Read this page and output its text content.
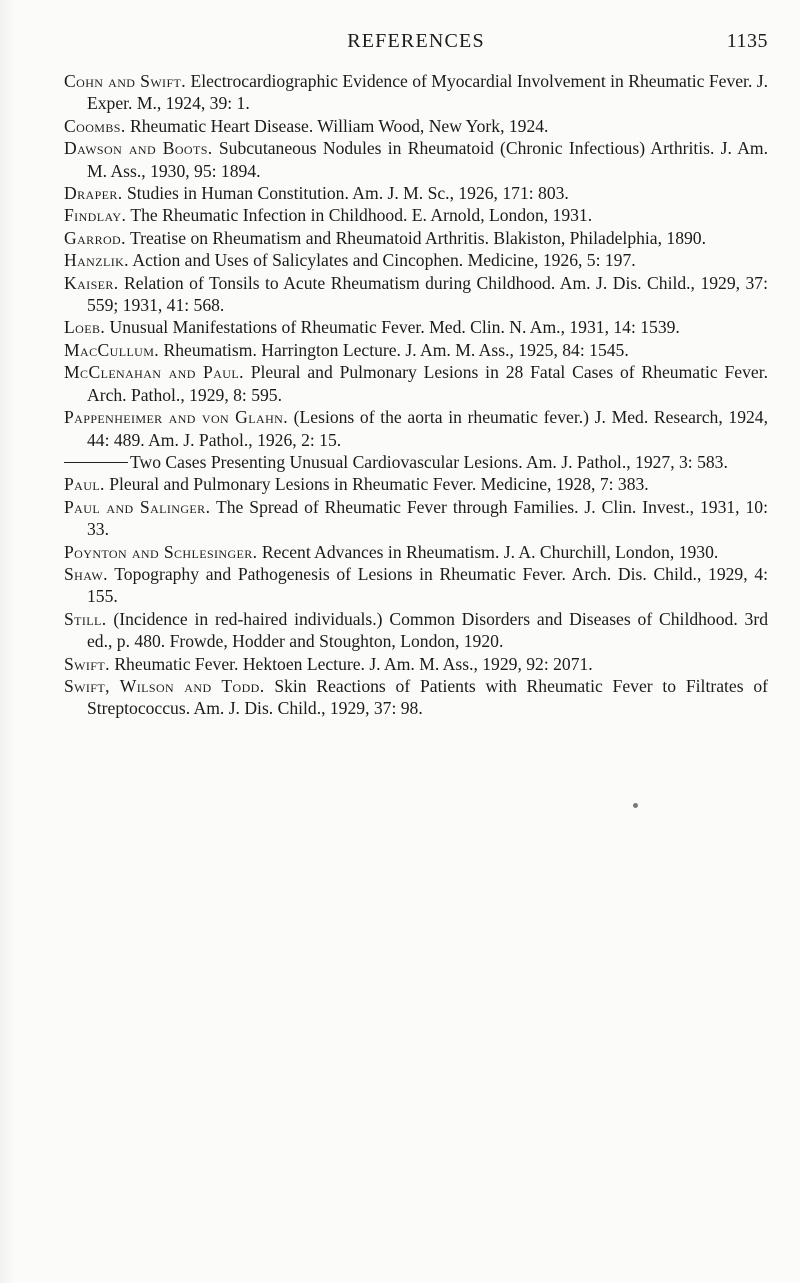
REFERENCES	1135
Cohn and Swift. Electrocardiographic Evidence of Myocardial Involvement in Rheumatic Fever. J. Exper. M., 1924, 39: 1.
Coombs. Rheumatic Heart Disease. William Wood, New York, 1924.
Dawson and Boots. Subcutaneous Nodules in Rheumatoid (Chronic Infectious) Arthritis. J. Am. M. Ass., 1930, 95: 1894.
Draper. Studies in Human Constitution. Am. J. M. Sc., 1926, 171: 803.
Findlay. The Rheumatic Infection in Childhood. E. Arnold, London, 1931.
Garrod. Treatise on Rheumatism and Rheumatoid Arthritis. Blakiston, Philadelphia, 1890.
Hanzlik. Action and Uses of Salicylates and Cincophen. Medicine, 1926, 5: 197.
Kaiser. Relation of Tonsils to Acute Rheumatism during Childhood. Am. J. Dis. Child., 1929, 37: 559; 1931, 41: 568.
Loeb. Unusual Manifestations of Rheumatic Fever. Med. Clin. N. Am., 1931, 14: 1539.
MacCullum. Rheumatism. Harrington Lecture. J. Am. M. Ass., 1925, 84: 1545.
McClenahan and Paul. Pleural and Pulmonary Lesions in 28 Fatal Cases of Rheumatic Fever. Arch. Pathol., 1929, 8: 595.
Pappenheimer and von Glahn. (Lesions of the aorta in rheumatic fever.) J. Med. Research, 1924, 44: 489. Am. J. Pathol., 1926, 2: 15.
Two Cases Presenting Unusual Cardiovascular Lesions. Am. J. Pathol., 1927, 3: 583.
Paul. Pleural and Pulmonary Lesions in Rheumatic Fever. Medicine, 1928, 7: 383.
Paul and Salinger. The Spread of Rheumatic Fever through Families. J. Clin. Invest., 1931, 10: 33.
Poynton and Schlesinger. Recent Advances in Rheumatism. J. A. Churchill, London, 1930.
Shaw. Topography and Pathogenesis of Lesions in Rheumatic Fever. Arch. Dis. Child., 1929, 4: 155.
Still. (Incidence in red-haired individuals.) Common Disorders and Diseases of Childhood. 3rd ed., p. 480. Frowde, Hodder and Stoughton, London, 1920.
Swift. Rheumatic Fever. Hektoen Lecture. J. Am. M. Ass., 1929, 92: 2071.
Swift, Wilson and Todd. Skin Reactions of Patients with Rheumatic Fever to Filtrates of Streptococcus. Am. J. Dis. Child., 1929, 37: 98.
